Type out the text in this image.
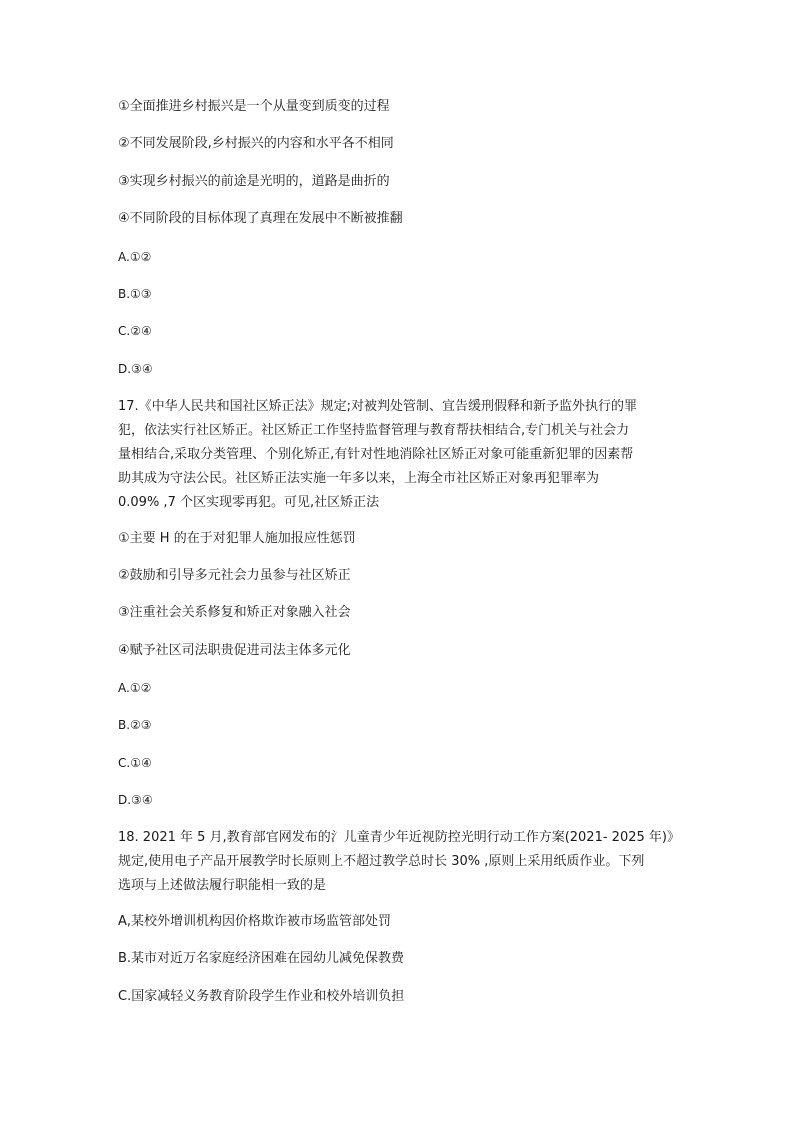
①全面推进乡村振兴是一个从量变到质变的过程
②不同发展阶段,乡村振兴的内容和水平各不相同
③实现乡村振兴的前途是光明的，道路是曲折的
④不同阶段的目标体现了真理在发展中不断被推翻
A.①②
B.①③
C.②④
D.③④
17.《中华人民共和国社区矫正法》规定;对被判处管制、宜告缓刑假释和新予监外执行的罪
犯，依法实行社区矫正。社区矫正工作坚持监督管理与教育帮扶相结合,专门机关与社会力
量相结合,采取分类管理、个别化矫正,有针对性地消除社区矫正对象可能重新犯罪的因素帮
助其成为守法公民。社区矫正法实施一年多以来，上海全市社区矫正对象再犯罪率为
0.09% ,7 个区实现零再犯。可见,社区矫正法
①主要 H 的在于对犯罪人施加报应性惩罚
②鼓励和引导多元社会力虽参与社区矫正
③注重社会关系修复和矫正对象融入社会
④赋予社区司法职贵促进司法主体多元化
A.①②
B.②③
C.①④
D.③④
18. 2021 年 5 月,教育部官网发布的氵儿童青少年近视防控光明行动工作方案(2021- 2025 年)》
规定,使用电子产品开展教学时长原则上不超过教学总时长 30% ,原则上采用纸质作业。下列
选项与上述做法履行职能相一致的是
A,某校外增训机构因价格欺诈被市场监管部处罚
B.某市对近万名家庭经济困难在园幼儿减免保教费
C.国家减轻义务教育阶段学生作业和校外培训负担
